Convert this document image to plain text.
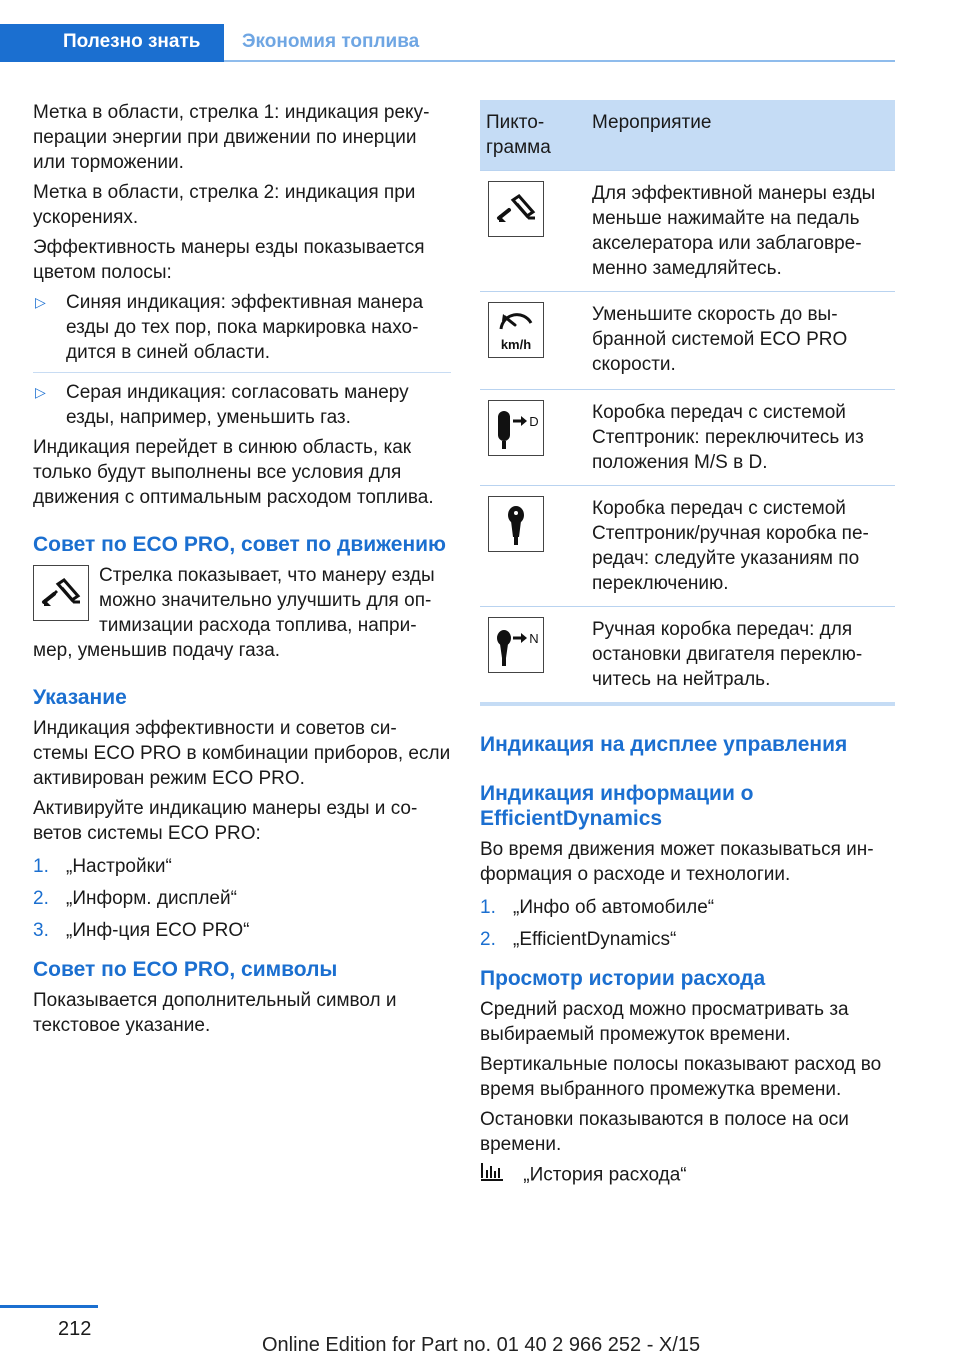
Полезно знать	Экономия топлива

Метка в области, стрелка 1: индикация реку‐перации энергии при движении по инерции или торможении.

Метка в области, стрелка 2: индикация при ускорениях.

Эффективность манеры езды показывается цветом полосы:

▷ Синяя индикация: эффективная манера езды до тех пор, пока маркировка нахо‐дится в синей области.
▷ Серая индикация: согласовать манеру езды, например, уменьшить газ.

Индикация перейдет в синюю область, как только будут выполнены все условия для движения с оптимальным расходом топлива.

Совет по ECO PRO, совет по движению
Стрелка показывает, что манеру езды можно значительно улучшить для оп‐тимизации расхода топлива, напри‐мер, уменьшив подачу газа.
Указание

Индикация эффективности и советов си‐стемы ECO PRO в комбинации приборов, если активирован режим ECO PRO.

Активируйте индикацию манеры езды и со‐ветов системы ECO PRO:

1. „Настройки“
2. „Информ. дисплей“
3. „Инф-ция ECO PRO“
Совет по ECO PRO, символы

Показывается дополнительный символ и текстовое указание.

Пикто‐грамма	Мероприятие

	Для эффективной манеры езды меньше нажимайте на педаль акселератора или заблаговре‐менно замедляйтесь.

km/h	Уменьшите скорость до вы‐бранной системой ECO PRO скорости.

D	Коробка передач с системой Стептроник: переключитесь из положения M/S в D.

	Коробка передач с системой Стептроник/ручная коробка пе‐редач: следуйте указаниям по переключению.

N	Ручная коробка передач: для остановки двигателя переклю‐читесь на нейтраль.
Индикация на дисплее управления
Индикация информации о EfficientDynamics

Во время движения может показываться ин‐формация о расходе и технологии.

1. „Инфо об автомобиле“
2. „EfficientDynamics“
Просмотр истории расхода

Средний расход можно просматривать за выбираемый промежуток времени.

Вертикальные полосы показывают расход во время выбранного промежутка времени.

Остановки показываются в полосе на оси времени.

„История расхода“

212
Online Edition for Part no. 01 40 2 966 252 - X/15
